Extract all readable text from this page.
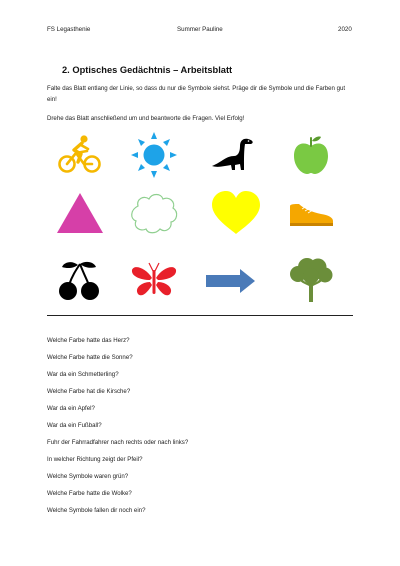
FS Legasthenie	Summer Pauline	2020
2. Optisches Gedächtnis – Arbeitsblatt
Falte das Blatt entlang der Linie, so dass du nur die Symbole siehst. Präge dir die Symbole und die Farben gut ein!
Drehe das Blatt anschließend um und beantworte die Fragen. Viel Erfolg!
Welche Farbe hatte das Herz?
Welche Farbe hatte die Sonne?
War da ein Schmetterling?
Welche Farbe hat die Kirsche?
War da ein Apfel?
War da ein Fußball?
Fuhr der Fahrradfahrer nach rechts oder nach links?
In welcher Richtung zeigt der Pfeil?
Welche Symbole waren grün?
Welche Farbe hatte die Wolke?
Welche Symbole fallen dir noch ein?
